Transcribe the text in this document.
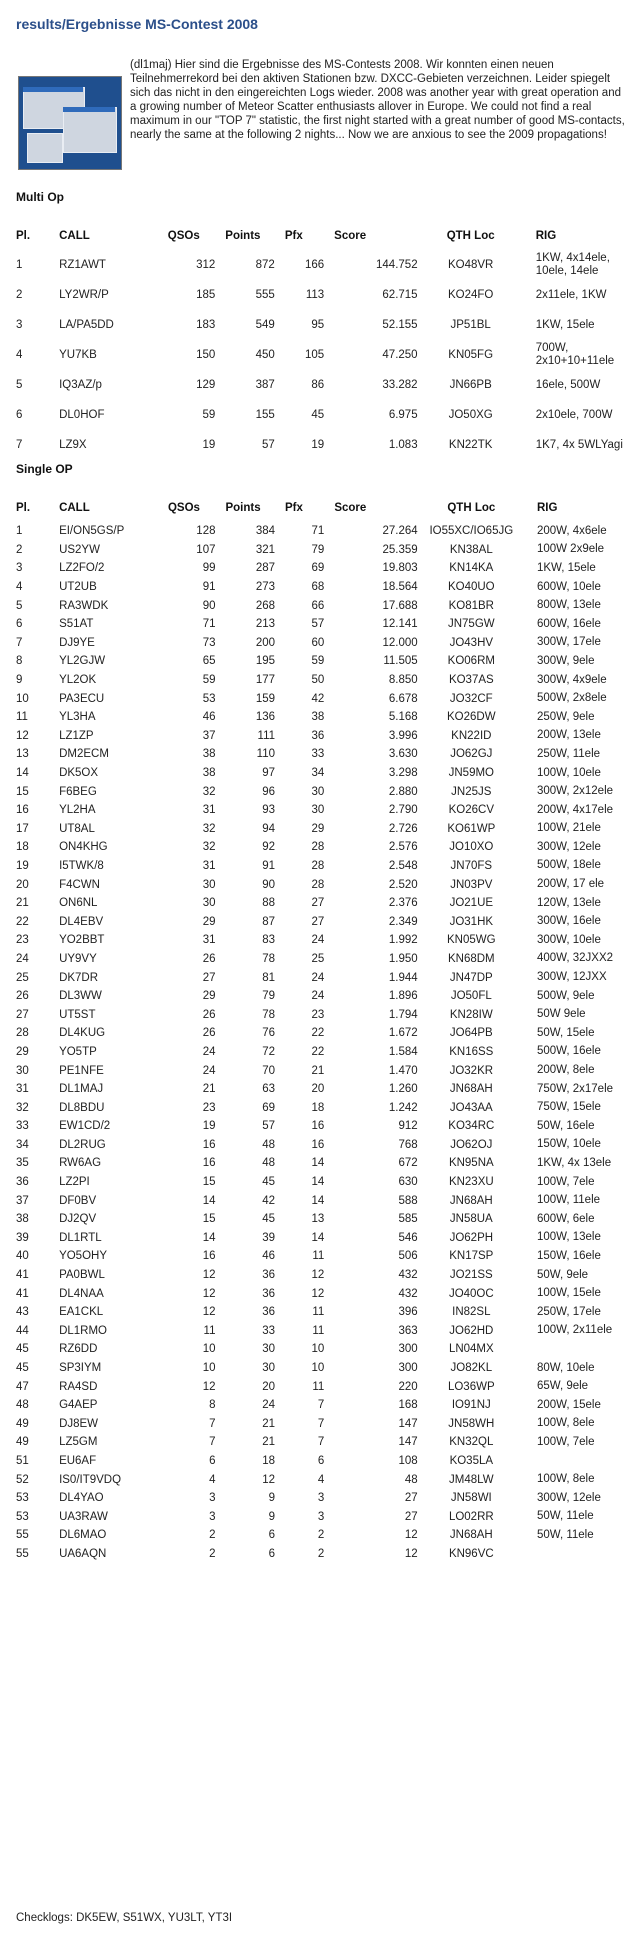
results/Ergebnisse MS-Contest 2008
(dl1maj) Hier sind die Ergebnisse des MS-Contests 2008. Wir konnten einen neuen Teilnehmerrekord bei den aktiven Stationen bzw. DXCC-Gebieten verzeichnen. Leider spiegelt sich das nicht in den eingereichten Logs wieder. 2008 was another year with great operation and a growing number of Meteor Scatter enthusiasts allover in Europe. We could not find a real maximum in our "TOP 7" statistic, the first night started with a great number of good MS-contacts, nearly the same at the following 2 nights... Now we are anxious to see the 2009 propagations!
Multi Op
Pl.	CALL	QSOs	Points	Pfx	Score	QTH Loc	RIG
1	RZ1AWT	312	872	166	144.752	KO48VR	1KW, 4x14ele, 10ele, 14ele
2	LY2WR/P	185	555	113	62.715	KO24FO	2x11ele, 1KW
3	LA/PA5DD	183	549	95	52.155	JP51BL	1KW, 15ele
4	YU7KB	150	450	105	47.250	KN05FG	700W, 2x10+10+11ele
5	IQ3AZ/p	129	387	86	33.282	JN66PB	16ele, 500W
6	DL0HOF	59	155	45	6.975	JO50XG	2x10ele, 700W
7	LZ9X	19	57	19	1.083	KN22TK	1K7, 4x 5WLYagi
Single OP
Pl.	CALL	QSOs	Points	Pfx	Score	QTH Loc	RIG
1	EI/ON5GS/P	128	384	71	27.264	IO55XC/IO65JG	200W, 4x6ele
2	US2YW	107	321	79	25.359	KN38AL	100W 2x9ele
3	LZ2FO/2	99	287	69	19.803	KN14KA	1KW, 15ele
4	UT2UB	91	273	68	18.564	KO40UO	600W, 10ele
5	RA3WDK	90	268	66	17.688	KO81BR	800W, 13ele
6	S51AT	71	213	57	12.141	JN75GW	600W, 16ele
7	DJ9YE	73	200	60	12.000	JO43HV	300W, 17ele
8	YL2GJW	65	195	59	11.505	KO06RM	300W, 9ele
9	YL2OK	59	177	50	8.850	KO37AS	300W, 4x9ele
10	PA3ECU	53	159	42	6.678	JO32CF	500W, 2x8ele
11	YL3HA	46	136	38	5.168	KO26DW	250W, 9ele
12	LZ1ZP	37	111	36	3.996	KN22ID	200W, 13ele
13	DM2ECM	38	110	33	3.630	JO62GJ	250W, 11ele
14	DK5OX	38	97	34	3.298	JN59MO	100W, 10ele
15	F6BEG	32	96	30	2.880	JN25JS	300W, 2x12ele
16	YL2HA	31	93	30	2.790	KO26CV	200W, 4x17ele
17	UT8AL	32	94	29	2.726	KO61WP	100W, 21ele
18	ON4KHG	32	92	28	2.576	JO10XO	300W, 12ele
19	I5TWK/8	31	91	28	2.548	JN70FS	500W, 18ele
20	F4CWN	30	90	28	2.520	JN03PV	200W, 17 ele
21	ON6NL	30	88	27	2.376	JO21UE	120W, 13ele
22	DL4EBV	29	87	27	2.349	JO31HK	300W, 16ele
23	YO2BBT	31	83	24	1.992	KN05WG	300W, 10ele
24	UY9VY	26	78	25	1.950	KN68DM	400W, 32JXX2
25	DK7DR	27	81	24	1.944	JN47DP	300W, 12JXX
26	DL3WW	29	79	24	1.896	JO50FL	500W, 9ele
27	UT5ST	26	78	23	1.794	KN28IW	50W 9ele
28	DL4KUG	26	76	22	1.672	JO64PB	50W, 15ele
29	YO5TP	24	72	22	1.584	KN16SS	500W, 16ele
30	PE1NFE	24	70	21	1.470	JO32KR	200W, 8ele
31	DL1MAJ	21	63	20	1.260	JN68AH	750W, 2x17ele
32	DL8BDU	23	69	18	1.242	JO43AA	750W, 15ele
33	EW1CD/2	19	57	16	912	KO34RC	50W, 16ele
34	DL2RUG	16	48	16	768	JO62OJ	150W, 10ele
35	RW6AG	16	48	14	672	KN95NA	1KW, 4x 13ele
36	LZ2PI	15	45	14	630	KN23XU	100W, 7ele
37	DF0BV	14	42	14	588	JN68AH	100W, 11ele
38	DJ2QV	15	45	13	585	JN58UA	600W, 6ele
39	DL1RTL	14	39	14	546	JO62PH	100W, 13ele
40	YO5OHY	16	46	11	506	KN17SP	150W, 16ele
41	PA0BWL	12	36	12	432	JO21SS	50W, 9ele
41	DL4NAA	12	36	12	432	JO40OC	100W, 15ele
43	EA1CKL	12	36	11	396	IN82SL	250W, 17ele
44	DL1RMO	11	33	11	363	JO62HD	100W, 2x11ele
45	RZ6DD	10	30	10	300	LN04MX	
45	SP3IYM	10	30	10	300	JO82KL	80W, 10ele
47	RA4SD	12	20	11	220	LO36WP	65W, 9ele
48	G4AEP	8	24	7	168	IO91NJ	200W, 15ele
49	DJ8EW	7	21	7	147	JN58WH	100W, 8ele
49	LZ5GM	7	21	7	147	KN32QL	100W, 7ele
51	EU6AF	6	18	6	108	KO35LA	
52	IS0/IT9VDQ	4	12	4	48	JM48LW	100W, 8ele
53	DL4YAO	3	9	3	27	JN58WI	300W, 12ele
53	UA3RAW	3	9	3	27	LO02RR	50W, 11ele
55	DL6MAO	2	6	2	12	JN68AH	50W, 11ele
55	UA6AQN	2	6	2	12	KN96VC	
Checklogs: DK5EW, S51WX, YU3LT, YT3I
